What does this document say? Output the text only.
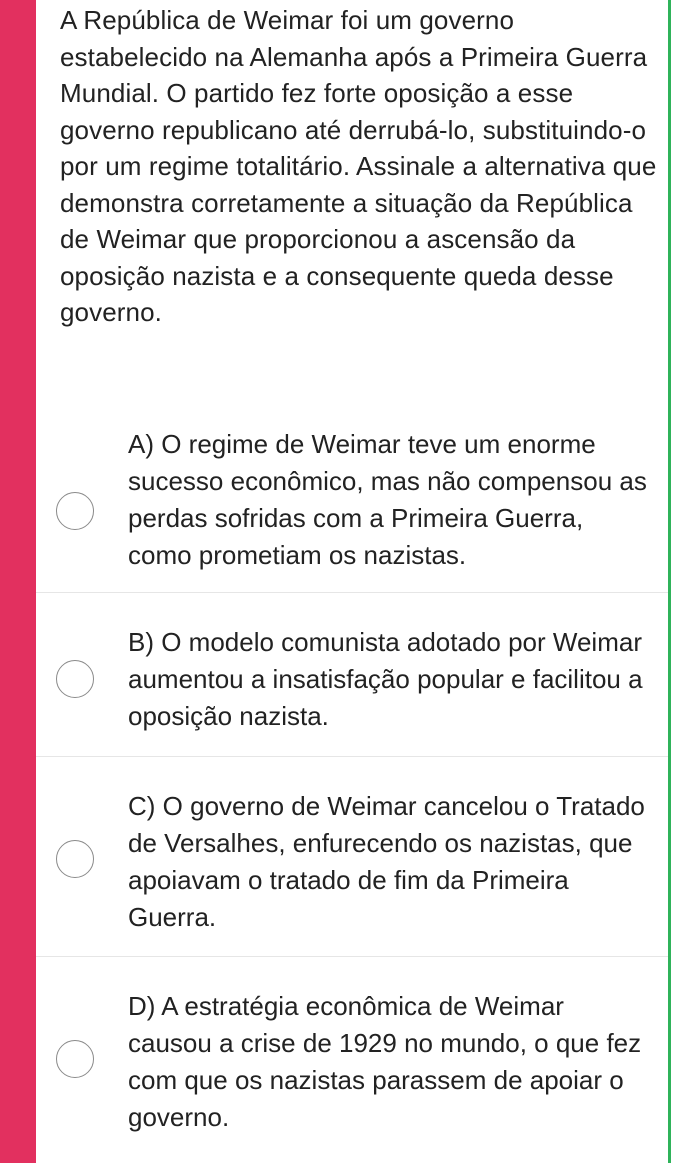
A República de Weimar foi um governo estabelecido na Alemanha após a Primeira Guerra Mundial. O partido fez forte oposição a esse governo republicano até derrubá-lo, substituindo-o por um regime totalitário. Assinale a alternativa que demonstra corretamente a situação da República de Weimar que proporcionou a ascensão da oposição nazista e a consequente queda desse governo.

A) O regime de Weimar teve um enorme sucesso econômico, mas não compensou as perdas sofridas com a Primeira Guerra, como prometiam os nazistas.

B) O modelo comunista adotado por Weimar aumentou a insatisfação popular e facilitou a oposição nazista.

C) O governo de Weimar cancelou o Tratado de Versalhes, enfurecendo os nazistas, que apoiavam o tratado de fim da Primeira Guerra.

D) A estratégia econômica de Weimar causou a crise de 1929 no mundo, o que fez com que os nazistas parassem de apoiar o governo.
